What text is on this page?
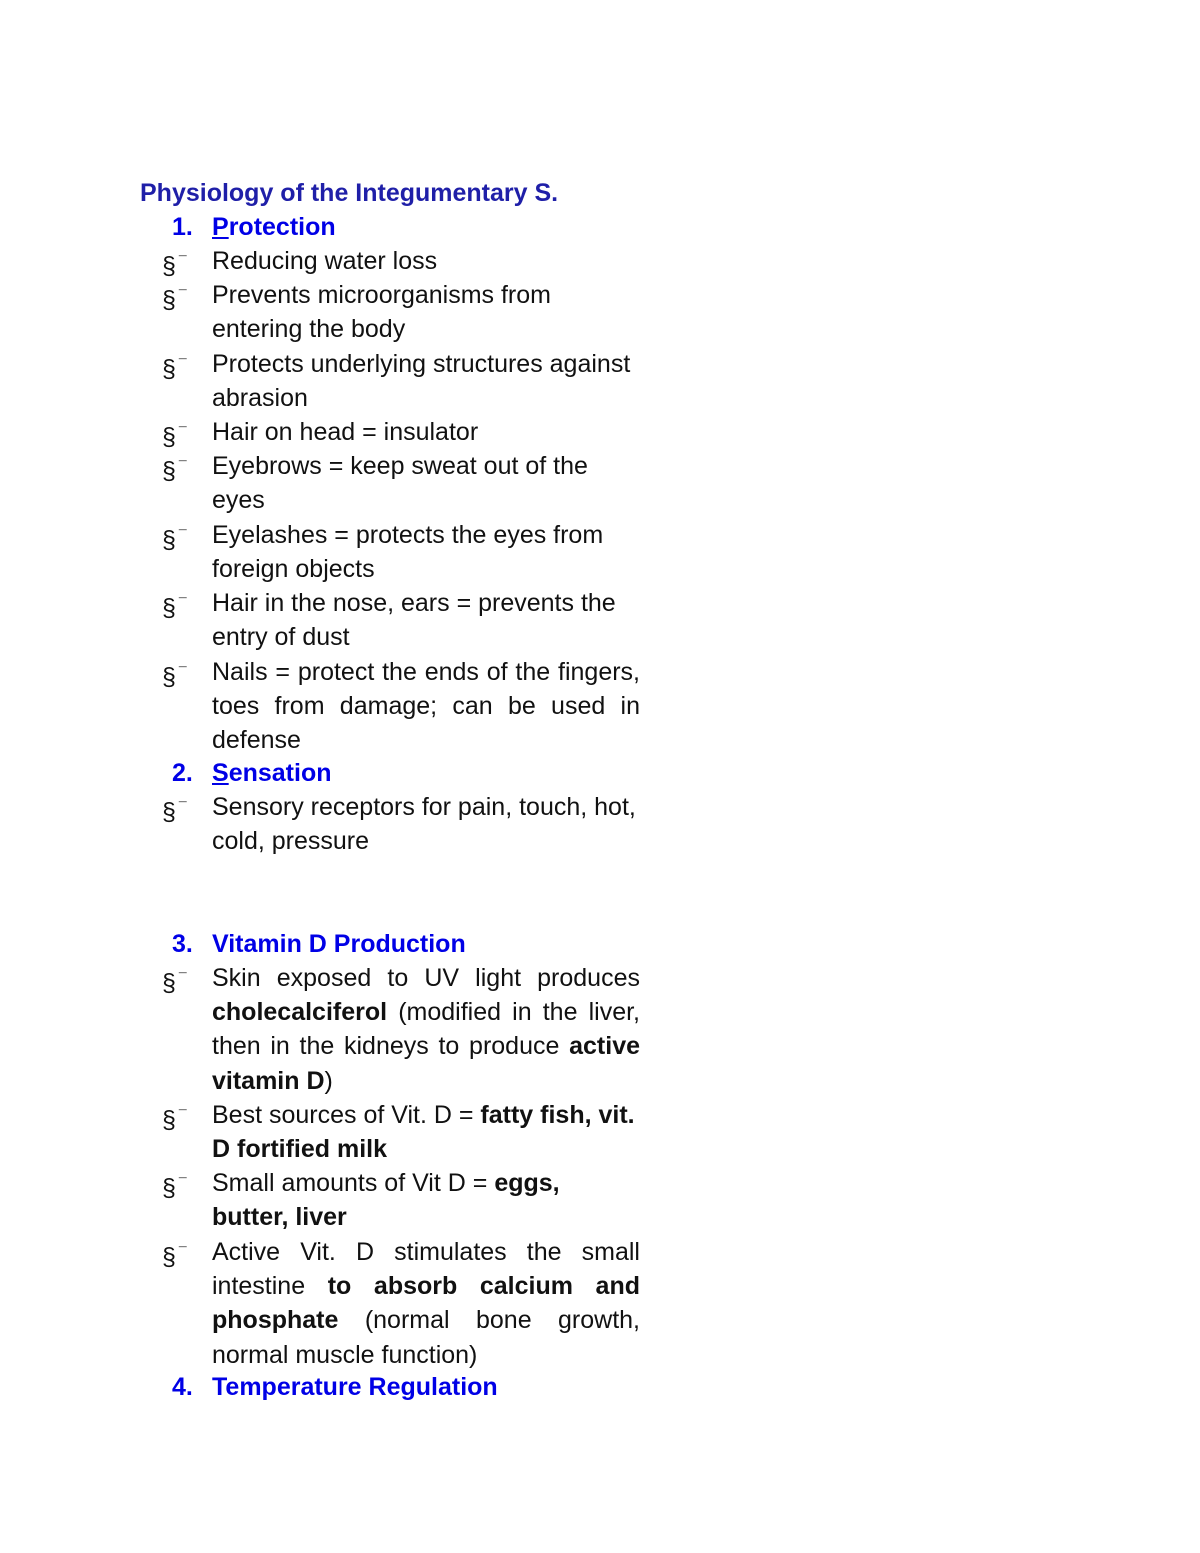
Physiology of the Integumentary S.
1. Protection
§ ¯	Reducing water loss
§ ¯	Prevents microorganisms from entering the body
§ ¯	Protects underlying structures against abrasion
§ ¯	Hair on head = insulator
§ ¯	Eyebrows = keep sweat out of the eyes
§ ¯	Eyelashes = protects the eyes from foreign objects
§ ¯	Hair in the nose, ears = prevents the entry of dust
§ ¯	Nails = protect the ends of the fingers, toes from damage; can be used in defense
2. Sensation
§ ¯	Sensory receptors for pain, touch, hot, cold, pressure
3. Vitamin D Production
§ ¯	Skin exposed to UV light produces cholecalciferol (modified in the liver, then in the kidneys to produce active vitamin D)
§ ¯	Best sources of Vit. D = fatty fish, vit. D fortified milk
§ ¯	Small amounts of Vit D = eggs, butter, liver
§ ¯	Active Vit. D stimulates the small intestine to absorb calcium and phosphate (normal bone growth, normal muscle function)
4. Temperature Regulation
